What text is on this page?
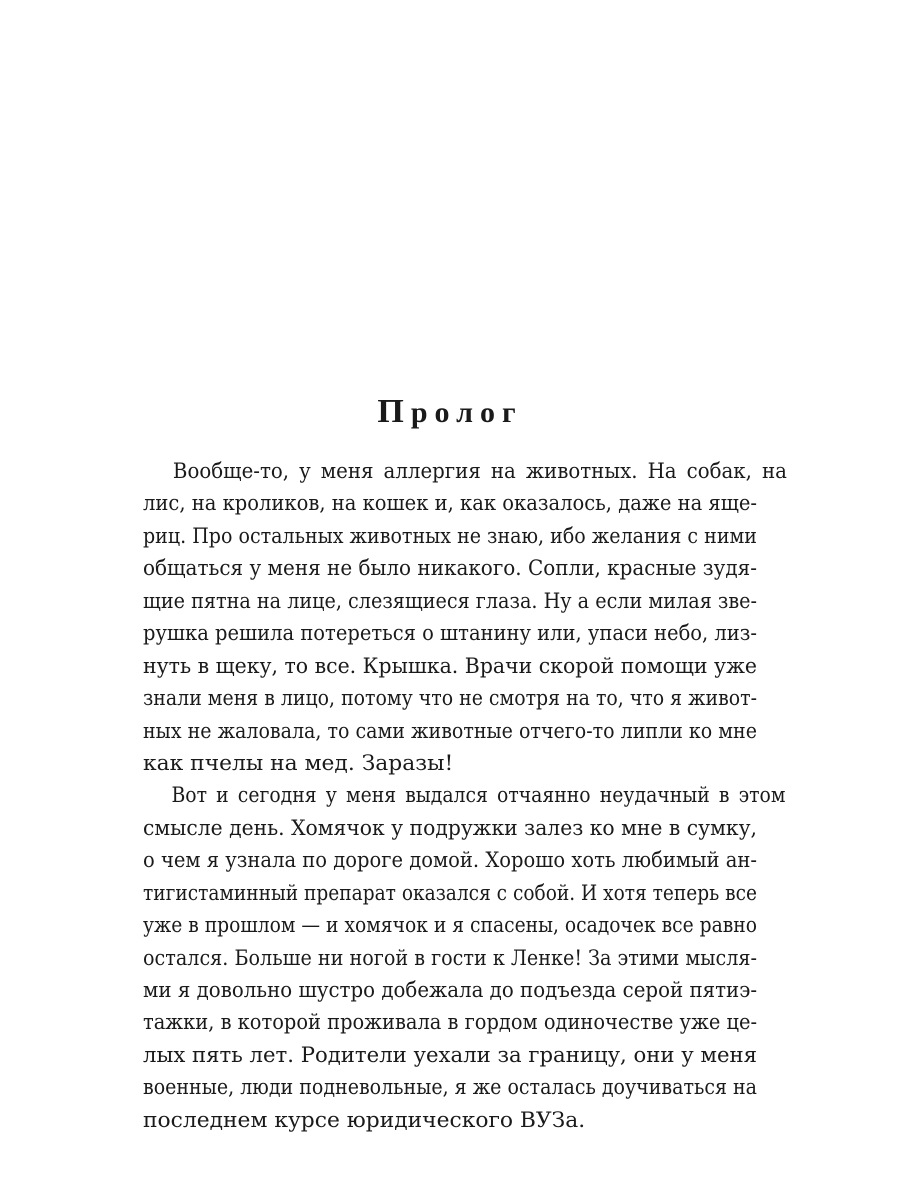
Пролог
Вообще-то, у меня аллергия на животных. На собак, на
лис, на кроликов, на кошек и, как оказалось, даже на яще-
риц. Про остальных животных не знаю, ибо желания с ними
общаться у меня не было никакого. Сопли, красные зудя-
щие пятна на лице, слезящиеся глаза. Ну а если милая зве-
рушка решила потереться о штанину или, упаси небо, лиз-
нуть в щеку, то все. Крышка. Врачи скорой помощи уже
знали меня в лицо, потому что не смотря на то, что я живот-
ных не жаловала, то сами животные отчего-то липли ко мне
как пчелы на мед. Заразы!
Вот и сегодня у меня выдался отчаянно неудачный в этом
смысле день. Хомячок у подружки залез ко мне в сумку,
о чем я узнала по дороге домой. Хорошо хоть любимый ан-
тигистаминный препарат оказался с собой. И хотя теперь все
уже в прошлом — и хомячок и я спасены, осадочек все равно
остался. Больше ни ногой в гости к Ленке! За этими мысля-
ми я довольно шустро добежала до подъезда серой пятиэ-
тажки, в которой проживала в гордом одиночестве уже це-
лых пять лет. Родители уехали за границу, они у меня
военные, люди подневольные, я же осталась доучиваться на
последнем курсе юридического ВУЗа.
